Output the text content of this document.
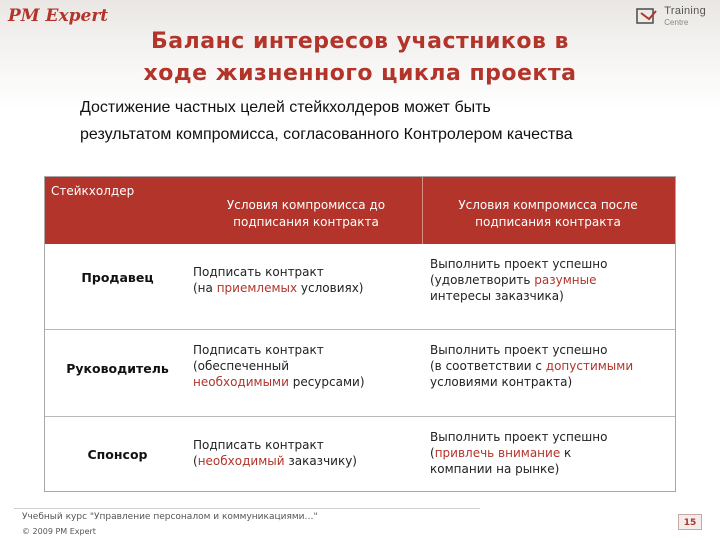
PM Expert	Training
Centre
Баланс интересов участников в
ходе жизненного цикла проекта
Достижение частных целей стейкхолдеров может быть
результатом компромисса, согласованного Контролером качества
Стейкхолдер
Условия компромисса до
подписания контракта
Условия компромисса после
подписания контракта
Продавец	Подписать контракт
(на приемлемых условиях)
Выполнить проект успешно
(удовлетворить разумные
интересы заказчика)
Руководитель
Подписать контракт
(обеспеченный
необходимыми ресурсами)
Выполнить проект успешно
(в соответствии с допустимыми
условиями контракта)
Спонсор
Подписать контракт
(необходимый заказчику)
Выполнить проект успешно
(привлечь внимание к
компании на рынке)
Учебный курс "Управление персоналом и коммуникациями…"
© 2009 PM Expert
15
